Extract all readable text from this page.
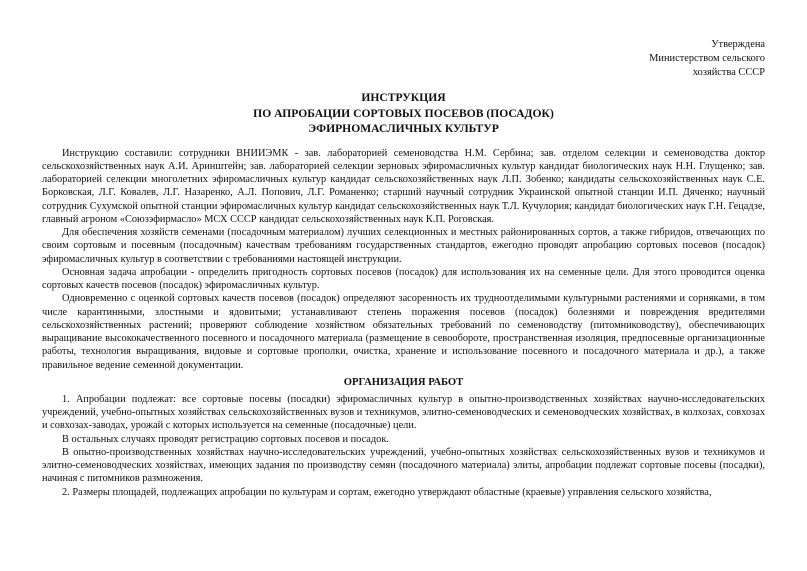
Утверждена
Министерством сельского
хозяйства СССР
ИНСТРУКЦИЯ
ПО АПРОБАЦИИ СОРТОВЫХ ПОСЕВОВ (ПОСАДОК)
ЭФИРНОМАСЛИЧНЫХ КУЛЬТУР

Инструкцию составили: сотрудники ВНИИЭМК - зав. лабораторией семеноводства Н.М. Сербина; зав. отделом селекции и семеноводства доктор сельскохозяйственных наук А.И. Аринштейн; зав. лабораторией селекции зерновых эфиромасличных культур кандидат биологических наук Н.Н. Глущенко; зав. лабораторией селекции многолетних эфиромасличных культур кандидат сельскохозяйственных наук Л.П. Зобенко; кандидаты сельскохозяйственных наук С.Е. Борковская, Л.Г. Ковалев, Л.Г. Назаренко, А.Л. Попович, Л.Г. Романенко; старший научный сотрудник Украинской опытной станции И.П. Дяченко; научный сотрудник Сухумской опытной станции эфиромасличных культур кандидат сельскохозяйственных наук Т.Л. Кучулория; кандидат биологических наук Г.Н. Гецадзе, главный агроном «Союзэфирмасло» МСХ СССР кандидат сельскохозяйственных наук К.П. Роговская.

Для обеспечения хозяйств семенами (посадочным материалом) лучших селекционных и местных районированных сортов, а также гибридов, отвечающих по своим сортовым и посевным (посадочным) качествам требованиям государственных стандартов, ежегодно проводят апробацию сортовых посевов (посадок) эфиромасличных культур в соответствии с требованиями настоящей инструкции.

Основная задача апробации - определить пригодность сортовых посевов (посадок) для использования их на семенные цели. Для этого проводится оценка сортовых качеств посевов (посадок) эфиромасличных культур.

Одновременно с оценкой сортовых качеств посевов (посадок) определяют засоренность их трудноотделимыми культурными растениями и сорняками, в том числе карантинными, злостными и ядовитыми; устанавливают степень поражения посевов (посадок) болезнями и повреждения вредителями сельскохозяйственных растений; проверяют соблюдение хозяйством обязательных требований по семеноводству (питомниководству), обеспечивающих выращивание высококачественного посевного и посадочного материала (размещение в севообороте, пространственная изоляция, предпосевные организационные работы, технология выращивания, видовые и сортовые прополки, очистка, хранение и использование посевного и посадочного материала и др.), а также правильное ведение семенной документации.

ОРГАНИЗАЦИЯ РАБОТ

1. Апробации подлежат: все сортовые посевы (посадки) эфиромасличных культур в опытно-производственных хозяйствах научно-исследовательских учреждений, учебно-опытных хозяйствах сельскохозяйственных вузов и техникумов, элитно-семеноводческих и семеноводческих хозяйствах, в колхозах, совхозах и совхозах-заводах, урожай с которых используется на семенные (посадочные) цели.

В остальных случаях проводят регистрацию сортовых посевов и посадок.

В опытно-производственных хозяйствах научно-исследовательских учреждений, учебно-опытных хозяйствах сельскохозяйственных вузов и техникумов и элитно-семеноводческих хозяйствах, имеющих задания по производству семян (посадочного материала) элиты, апробации подлежат сортовые посевы (посадки), начиная с питомников размножения.

2. Размеры площадей, подлежащих апробации по культурам и сортам, ежегодно утверждают областные (краевые) управления сельского хозяйства,
